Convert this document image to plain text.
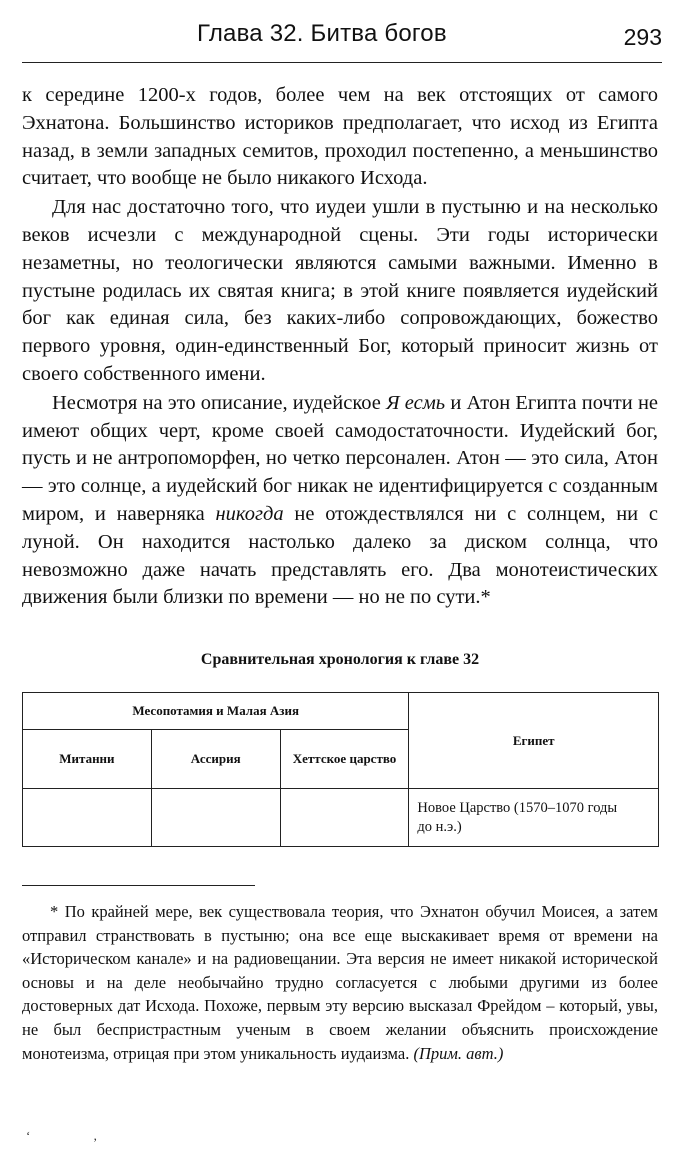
Глава 32. Битва богов	293

к середине 1200-х годов, более чем на век отстоящих от самого Эхнатона. Большинство историков предполагает, что исход из Египта назад, в земли западных семитов, проходил постепенно, а меньшинство считает, что вообще не было никакого Исхода.

Для нас достаточно того, что иудеи ушли в пустыню и на несколько веков исчезли с международной сцены. Эти годы исторически незаметны, но теологически являются самыми важными. Именно в пустыне родилась их святая книга; в этой книге появляется иудейский бог как единая сила, без каких-либо сопровождающих, божество первого уровня, один-единственный Бог, который приносит жизнь от своего собственного имени.

Несмотря на это описание, иудейское Я есмь и Атон Египта почти не имеют общих черт, кроме своей самодостаточности. Иудейский бог, пусть и не антропоморфен, но четко персонален. Атон — это сила, Атон — это солнце, а иудейский бог никак не идентифицируется с созданным миром, и наверняка никогда не отождествлялся ни с солнцем, ни с луной. Он находится настолько далеко за диском солнца, что невозможно даже начать представлять его. Два монотеистических движения были близки по времени — но не по сути.*

Сравнительная хронология к главе 32
Месопотамия и Малая Азия			Египет
Митанни	Ассирия	Хеттское царство	
			Новое Царство (1570–1070 годы до н.э.)

* По крайней мере, век существовала теория, что Эхнатон обучил Моисея, а затем отправил странствовать в пустыню; она все еще выскакивает время от времени на «Историческом канале» и на радиовещании. Эта версия не имеет никакой исторической основы и на деле необычайно трудно согласуется с любыми другими из более достоверных дат Исхода. Похоже, первым эту версию высказал Фрейдом – который, увы, не был беспристрастным ученым в своем желании объяснить происхождение монотеизма, отрицая при этом уникальность иудаизма. (Прим. авт.)

‘ ,
